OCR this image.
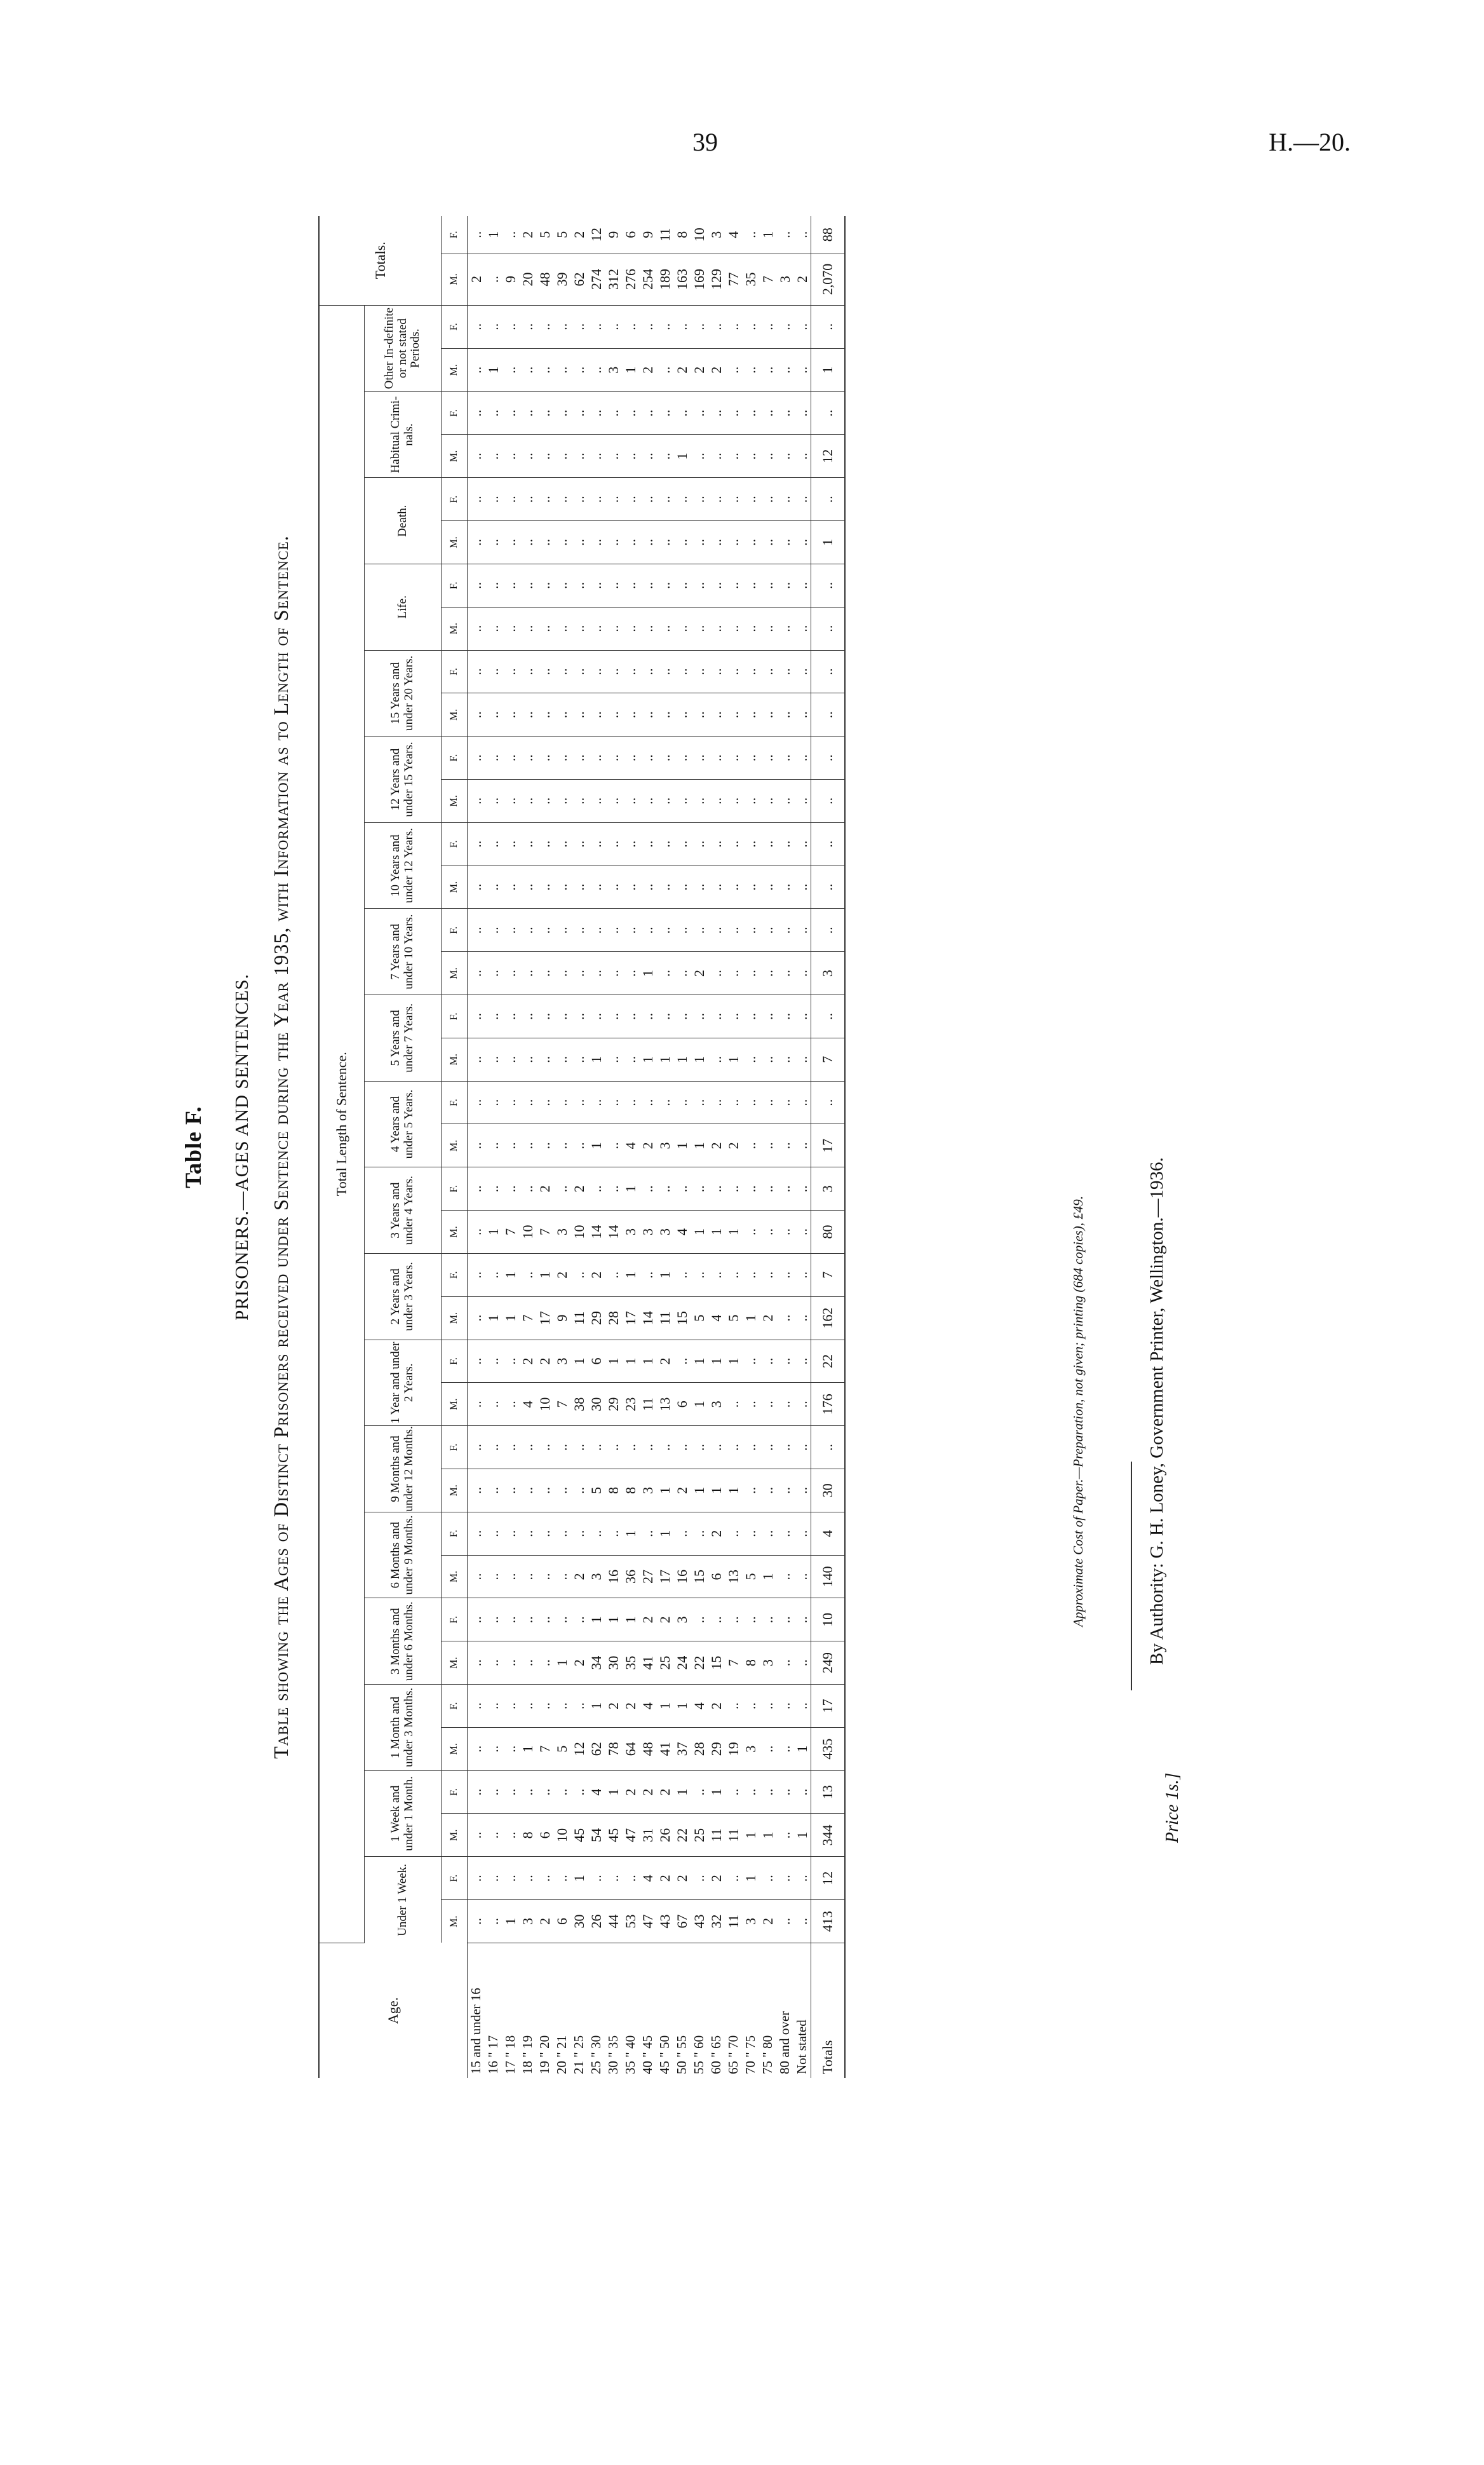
39	H.—20.
Table F. PRISONERS.—AGES AND SENTENCES. Table showing the Ages of Distinct Prisoners received under Sentence during the Year 1935, with Information as to Length of Sentence.
Age.	Total Length of Sentence.																																						Totals.	
	Under 1 Week.		1 Week and under 1 Month.		1 Month and under 3 Months.		3 Months and under 6 Months.		6 Months and under 9 Months.		9 Months and under 12 Months.		1 Year and under 2 Years.		2 Years and under 3 Years.		3 Years and under 4 Years.		4 Years and under 5 Years.		5 Years and under 7 Years.		7 Years and under 10 Years.		10 Years and under 12 Years.		12 Years and under 15 Years.		15 Years and under 20 Years.		Life.		Death.		Habitual Crimi-nals.		Other In-definite or not stated Periods.			
	M.	F.	M.	F.	M.	F.	M.	F.	M.	F.	M.	F.	M.	F.	M.	F.	M.	F.	M.	F.	M.	F.	M.	F.	M.	F.	M.	F.	M.	F.	M.	F.	M.	F.	M.	F.	M.	F.	M.	F.
15 and under 16	..	..	..	..	..	..	..	..	..	..	..	..	..	..	..	..	..	..	..	..	..	..	..	..	..	..	..	..	..	..	..	..	..	..	..	..	..	..	2	..
16 " 17	..	..	..	..	..	..	..	..	..	..	..	..	..	..	1	..	1	..	..	..	..	..	..	..	..	..	..	..	..	..	..	..	..	..	..	..	1	..	..	1
17 " 18	1	..	..	..	..	..	..	..	..	..	..	..	..	..	1	1	7	..	..	..	..	..	..	..	..	..	..	..	..	..	..	..	..	..	..	..	..	..	9	..
18 " 19	3	..	8	..	1	..	..	..	..	..	..	..	4	2	7	..	10	..	..	..	..	..	..	..	..	..	..	..	..	..	..	..	..	..	..	..	..	..	20	2
19 " 20	2	..	6	..	7	..	..	..	..	..	..	..	10	2	17	1	7	2	..	..	..	..	..	..	..	..	..	..	..	..	..	..	..	..	..	..	..	..	48	5
20 " 21	6	..	10	..	5	..	1	..	..	..	..	..	7	3	9	2	3	..	..	..	..	..	..	..	..	..	..	..	..	..	..	..	..	..	..	..	..	..	39	5
21 " 25	30	1	45	..	12	..	2	..	2	..	..	..	38	1	11	..	10	2	..	..	..	..	..	..	..	..	..	..	..	..	..	..	..	..	..	..	..	..	62	2
25 " 30	26	..	54	4	62	1	34	1	3	..	5	..	30	6	29	2	14	..	1	..	1	..	..	..	..	..	..	..	..	..	..	..	..	..	..	..	..	..	274	12
30 " 35	44	..	45	1	78	2	30	1	16	..	8	..	29	1	28	..	14	..	..	..	..	..	..	..	..	..	..	..	..	..	..	..	..	..	..	..	3	..	312	9
35 " 40	53	..	47	2	64	2	35	1	36	1	8	..	23	1	17	1	3	1	4	..	..	..	..	..	..	..	..	..	..	..	..	..	..	..	..	..	1	..	276	6
40 " 45	47	4	31	2	48	4	41	2	27	..	3	..	11	1	14	..	3	..	2	..	1	..	1	..	..	..	..	..	..	..	..	..	..	..	..	..	2	..	254	9
45 " 50	43	2	26	2	41	1	25	2	17	1	1	..	13	2	11	1	3	..	3	..	1	..	..	..	..	..	..	..	..	..	..	..	..	..	..	..	..	..	189	11
50 " 55	67	2	22	1	37	1	24	3	16	..	2	..	6	..	15	..	4	..	1	..	1	..	..	..	..	..	..	..	..	..	..	..	..	..	1	..	2	..	163	8
55 " 60	43	..	25	..	28	4	22	..	15	..	1	..	1	1	5	..	1	..	1	..	1	..	2	..	..	..	..	..	..	..	..	..	..	..	..	..	2	..	169	10
60 " 65	32	2	11	1	29	2	15	..	6	2	1	..	3	1	4	..	1	..	2	..	..	..	..	..	..	..	..	..	..	..	..	..	..	..	..	..	2	..	129	3
65 " 70	11	..	11	..	19	..	7	..	13	..	1	..	..	1	5	..	1	..	2	..	1	..	..	..	..	..	..	..	..	..	..	..	..	..	..	..	..	..	77	4
70 " 75	3	1	1	..	3	..	8	..	5	..	..	..	..	..	1	..	..	..	..	..	..	..	..	..	..	..	..	..	..	..	..	..	..	..	..	..	..	..	35	..
75 " 80	2	..	1	..	..	..	3	..	1	..	..	..	..	..	2	..	..	..	..	..	..	..	..	..	..	..	..	..	..	..	..	..	..	..	..	..	..	..	7	1
80 and over	..	..	..	..	..	..	..	..	..	..	..	..	..	..	..	..	..	..	..	..	..	..	..	..	..	..	..	..	..	..	..	..	..	..	..	..	..	..	3	..
Not stated	..	..	1	..	1	..	..	..	..	..	..	..	..	..	..	..	..	..	..	..	..	..	..	..	..	..	..	..	..	..	..	..	..	..	..	..	..	..	2	..
Totals	413	12	344	13	435	17	249	10	140	4	30	..	176	22	162	7	80	3	17	..	7	..	3	..	..	..	..	..	..	..	..	..	1	..	12	..	1	..	2,070	88
Approximate Cost of Paper.—Preparation, not given; printing (684 copies), £49.	By Authority: G. H. Loney, Government Printer, Wellington.—1936.
Price 1s.]
